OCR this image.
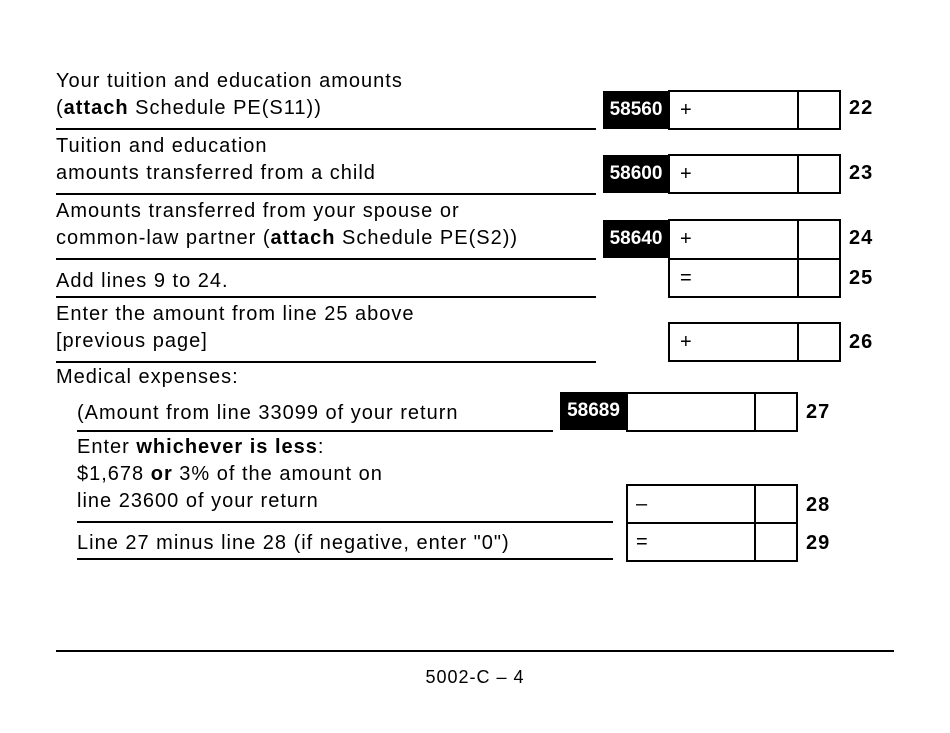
Your tuition and education amounts
(attach Schedule PE(S11))	58560 +	22
Tuition and education
amounts transferred from a child	58600 +	23
Amounts transferred from your spouse or
common-law partner (attach Schedule PE(S2))	58640 +	24
Add lines 9 to 24.	=	25
Enter the amount from line 25 above
[previous page]	+	26
Medical expenses:
(Amount from line 33099 of your return	58689	27
Enter whichever is less:
$1,678 or 3% of the amount on
line 23600 of your return	–	28
Line 27 minus line 28 (if negative, enter "0")	=	29
5002-C – 4
